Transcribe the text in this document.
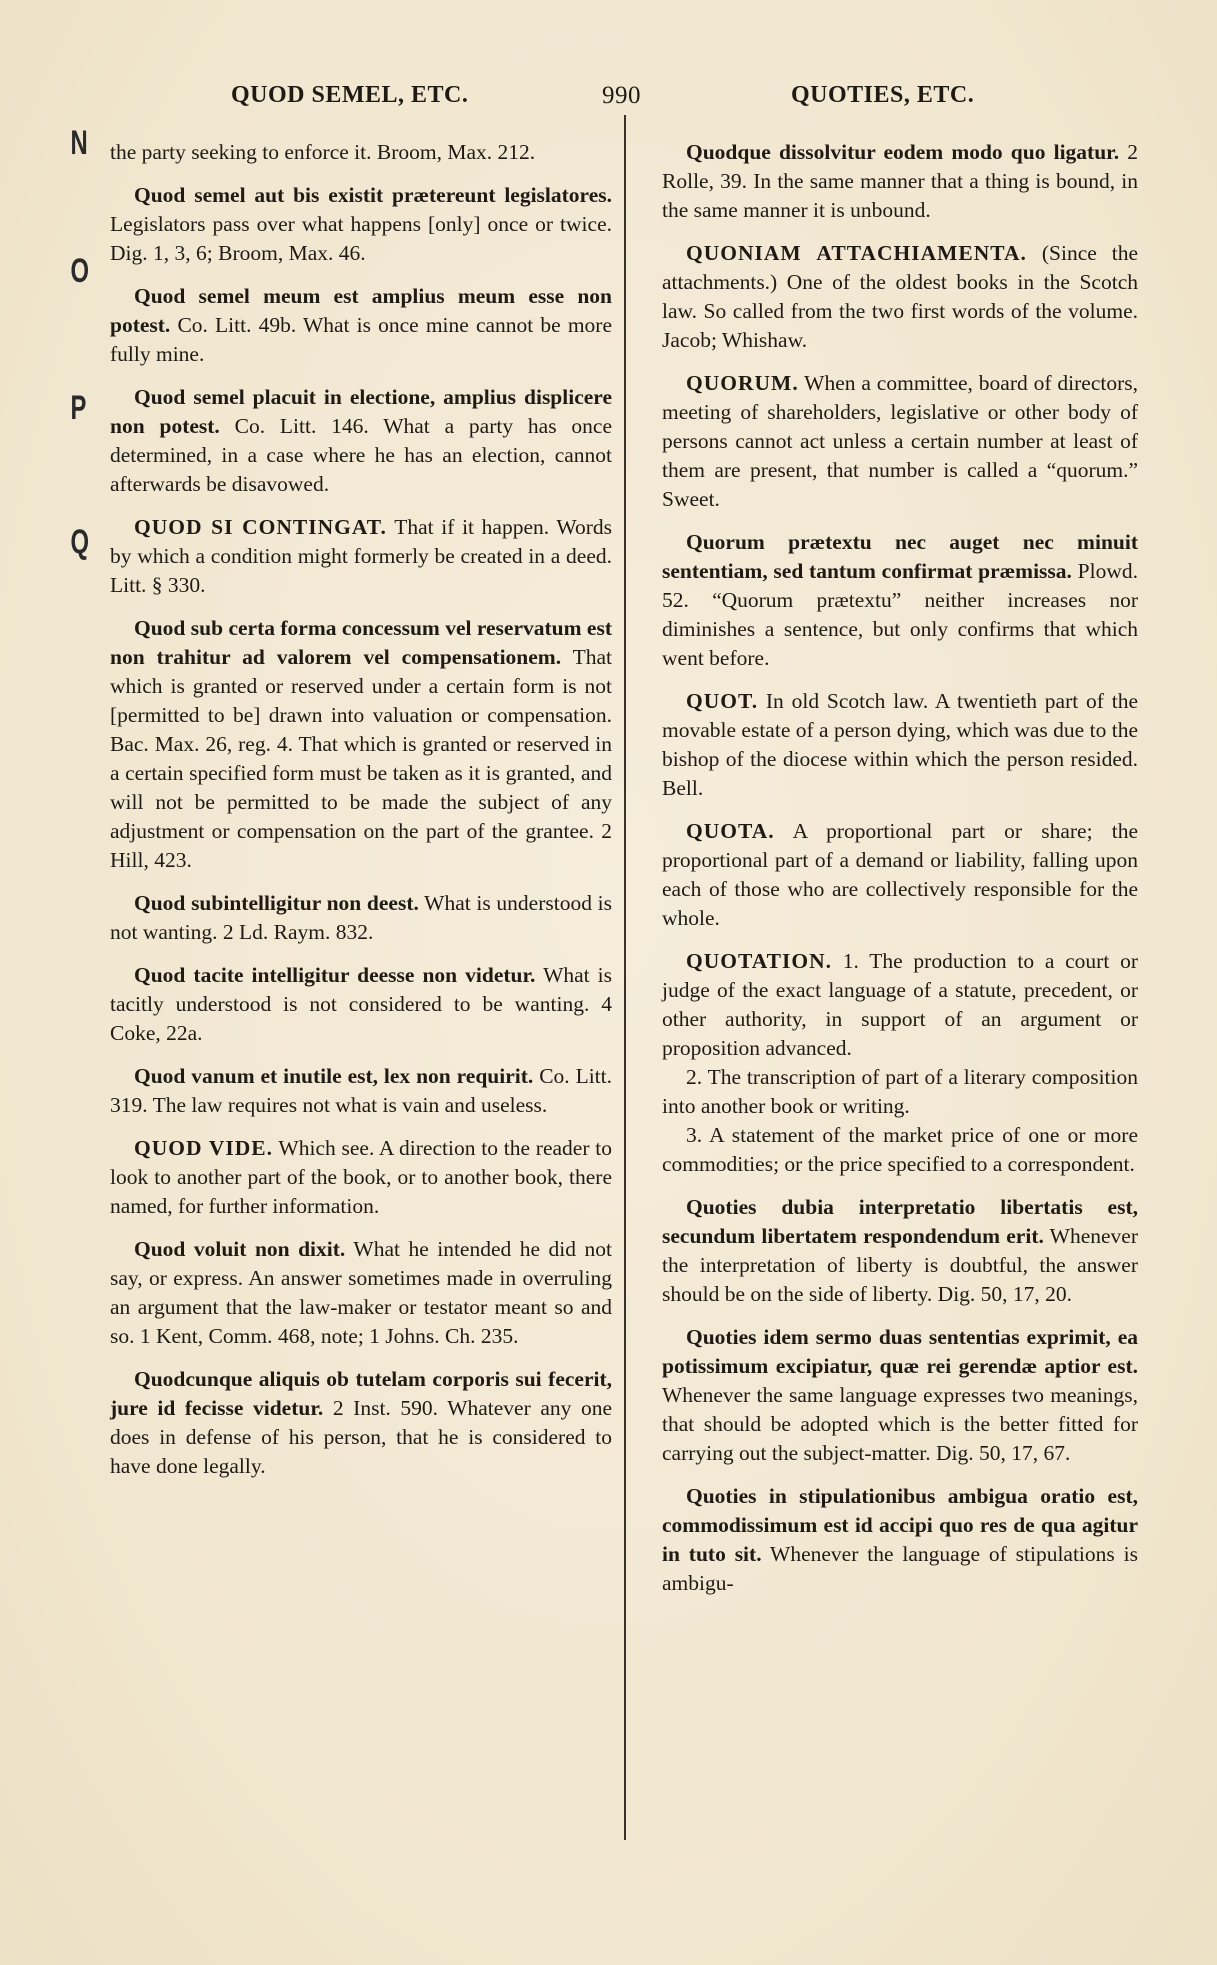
QUOD SEMEL, ETC.	990	QUOTIES, ETC.
N
O
P
Q

the party seeking to enforce it. Broom, Max. 212.

Quod semel aut bis existit prætereunt legislatores. Legislators pass over what happens [only] once or twice. Dig. 1, 3, 6; Broom, Max. 46.

Quod semel meum est amplius meum esse non potest. Co. Litt. 49b. What is once mine cannot be more fully mine.

Quod semel placuit in electione, amplius displicere non potest. Co. Litt. 146. What a party has once determined, in a case where he has an election, cannot afterwards be disavowed.

QUOD SI CONTINGAT. That if it happen. Words by which a condition might formerly be created in a deed. Litt. § 330.

Quod sub certa forma concessum vel reservatum est non trahitur ad valorem vel compensationem. That which is granted or reserved under a certain form is not [permitted to be] drawn into valuation or compensation. Bac. Max. 26, reg. 4. That which is granted or reserved in a certain specified form must be taken as it is granted, and will not be permitted to be made the subject of any adjustment or compensation on the part of the grantee. 2 Hill, 423.

Quod subintelligitur non deest. What is understood is not wanting. 2 Ld. Raym. 832.

Quod tacite intelligitur deesse non videtur. What is tacitly understood is not considered to be wanting. 4 Coke, 22a.

Quod vanum et inutile est, lex non requirit. Co. Litt. 319. The law requires not what is vain and useless.

QUOD VIDE. Which see. A direction to the reader to look to another part of the book, or to another book, there named, for further information.

Quod voluit non dixit. What he intended he did not say, or express. An answer sometimes made in overruling an argument that the law-maker or testator meant so and so. 1 Kent, Comm. 468, note; 1 Johns. Ch. 235.

Quodcunque aliquis ob tutelam corporis sui fecerit, jure id fecisse videtur. 2 Inst. 590. Whatever any one does in defense of his person, that he is considered to have done legally.

Quodque dissolvitur eodem modo quo ligatur. 2 Rolle, 39. In the same manner that a thing is bound, in the same manner it is unbound.

QUONIAM ATTACHIAMENTA. (Since the attachments.) One of the oldest books in the Scotch law. So called from the two first words of the volume. Jacob; Whishaw.

QUORUM. When a committee, board of directors, meeting of shareholders, legislative or other body of persons cannot act unless a certain number at least of them are present, that number is called a “quorum.” Sweet.

Quorum prætextu nec auget nec minuit sententiam, sed tantum confirmat præmissa. Plowd. 52. “Quorum prætextu” neither increases nor diminishes a sentence, but only confirms that which went before.

QUOT. In old Scotch law. A twentieth part of the movable estate of a person dying, which was due to the bishop of the diocese within which the person resided. Bell.

QUOTA. A proportional part or share; the proportional part of a demand or liability, falling upon each of those who are collectively responsible for the whole.

QUOTATION. 1. The production to a court or judge of the exact language of a statute, precedent, or other authority, in support of an argument or proposition advanced.

2. The transcription of part of a literary composition into another book or writing.

3. A statement of the market price of one or more commodities; or the price specified to a correspondent.

Quoties dubia interpretatio libertatis est, secundum libertatem respondendum erit. Whenever the interpretation of liberty is doubtful, the answer should be on the side of liberty. Dig. 50, 17, 20.

Quoties idem sermo duas sententias exprimit, ea potissimum excipiatur, quæ rei gerendæ aptior est. Whenever the same language expresses two meanings, that should be adopted which is the better fitted for carrying out the subject-matter. Dig. 50, 17, 67.

Quoties in stipulationibus ambigua oratio est, commodissimum est id accipi quo res de qua agitur in tuto sit. Whenever the language of stipulations is ambigu-
